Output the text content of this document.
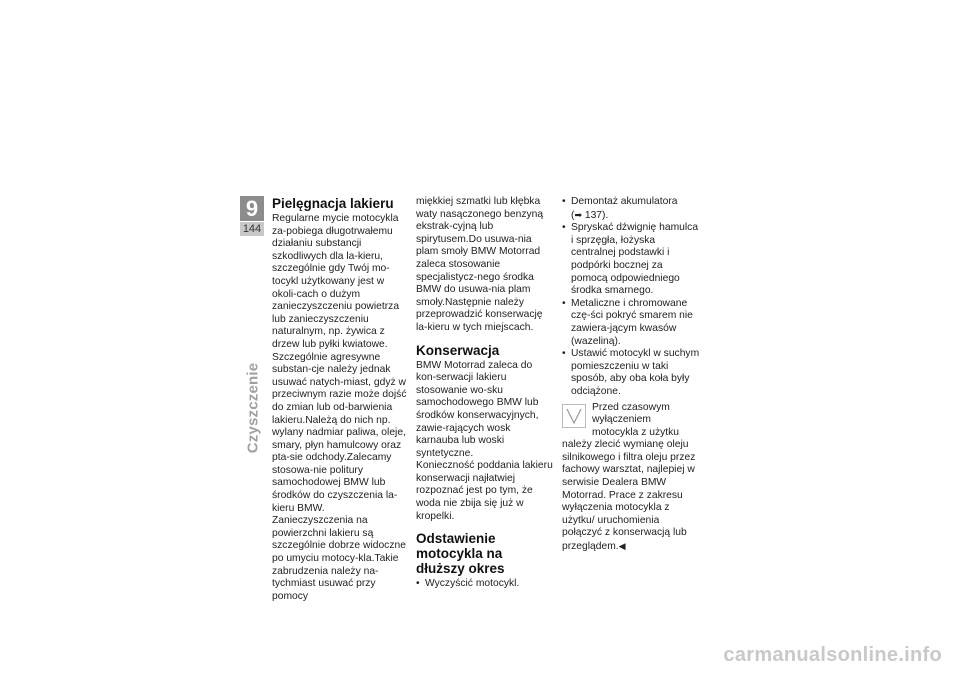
9
144
Czyszczenie
Pielęgnacja lakieru

Regularne mycie motocykla za-pobiega długotrwałemu działaniu substancji szkodliwych dla la-kieru, szczególnie gdy Twój mo-tocykl użytkowany jest w okoli-cach o dużym zanieczyszczeniu powietrza lub zanieczyszczeniu naturalnym, np. żywica z drzew lub pyłki kwiatowe.

Szczególnie agresywne substan-cje należy jednak usuwać natych-miast, gdyż w przeciwnym razie może dojść do zmian lub od-barwienia lakieru.Należą do nich np. wylany nadmiar paliwa, oleje, smary, płyn hamulcowy oraz pta-sie odchody.Zalecamy stosowa-nie politury samochodowej BMW lub środków do czyszczenia la-kieru BMW.

Zanieczyszczenia na powierzchni lakieru są szczególnie dobrze widoczne po umyciu motocy-kla.Takie zabrudzenia należy na-tychmiast usuwać przy pomocy

miękkiej szmatki lub kłębka waty nasączonego benzyną ekstrak-cyjną lub spirytusem.Do usuwa-nia plam smoły BMW Motorrad zaleca stosowanie specjalistycz-nego środka BMW do usuwa-nia plam smoły.Następnie należy przeprowadzić konserwację la-kieru w tych miejscach.

Konserwacja

BMW Motorrad zaleca do kon-serwacji lakieru stosowanie wo-sku samochodowego BMW lub środków konserwacyjnych, zawie-rających wosk karnauba lub woski syntetyczne.

Konieczność poddania lakieru konserwacji najłatwiej rozpoznać jest po tym, że woda nie zbija się już w kropelki.

Odstawienie motocykla na dłuższy okres
• Wyczyścić motocykl.
• Demontaż akumulatora
(➡ 137).
• Spryskać dźwignię hamulca i sprzęgła, łożyska centralnej podstawki i podpórki bocznej za pomocą odpowiedniego środka smarnego.
• Metaliczne i chromowane czę-ści pokryć smarem nie zawiera-jącym kwasów (wazeliną).
• Ustawić motocykl w suchym pomieszczeniu w taki sposób, aby oba koła były odciążone.
Przed czasowym wyłączeniem motocykla z użytku należy zlecić wymianę oleju silnikowego i filtra oleju przez fachowy warsztat, najlepiej w serwisie Dealera BMW Motorrad. Prace z zakresu wyłączenia motocykla z użytku/ uruchomienia połączyć z konserwacją lub przeglądem.◀
carmanualsonline.info
